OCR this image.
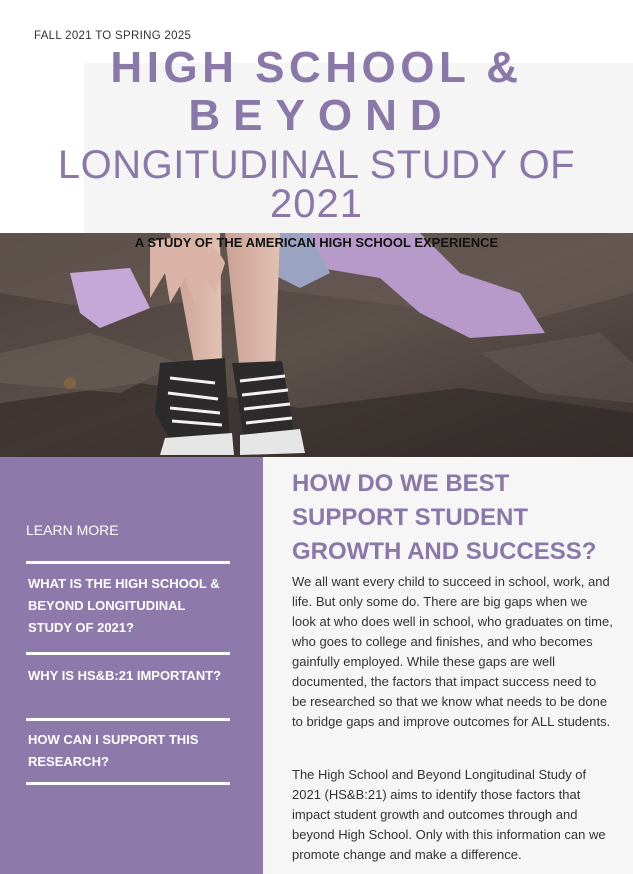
FALL 2021 TO SPRING 2025
HIGH SCHOOL &
BEYOND
LONGITUDINAL STUDY OF
2021
A STUDY OF THE AMERICAN HIGH SCHOOL EXPERIENCE
LEARN MORE
WHAT IS THE HIGH SCHOOL & BEYOND LONGITUDINAL STUDY OF 2021?
WHY IS HS&B:21 IMPORTANT?
HOW CAN I SUPPORT THIS RESEARCH?
HOW DO WE BEST SUPPORT STUDENT GROWTH AND SUCCESS?
We all want every child to succeed in school, work, and life. But only some do. There are big gaps when we look at who does well in school, who graduates on time, who goes to college and finishes, and who becomes gainfully employed. While these gaps are well documented, the factors that impact success need to be researched so that we know what needs to be done to bridge gaps and improve outcomes for ALL students.
The High School and Beyond Longitudinal Study of 2021 (HS&B:21) aims to identify those factors that impact student growth and outcomes through and beyond High School. Only with this information can we promote change and make a difference.
